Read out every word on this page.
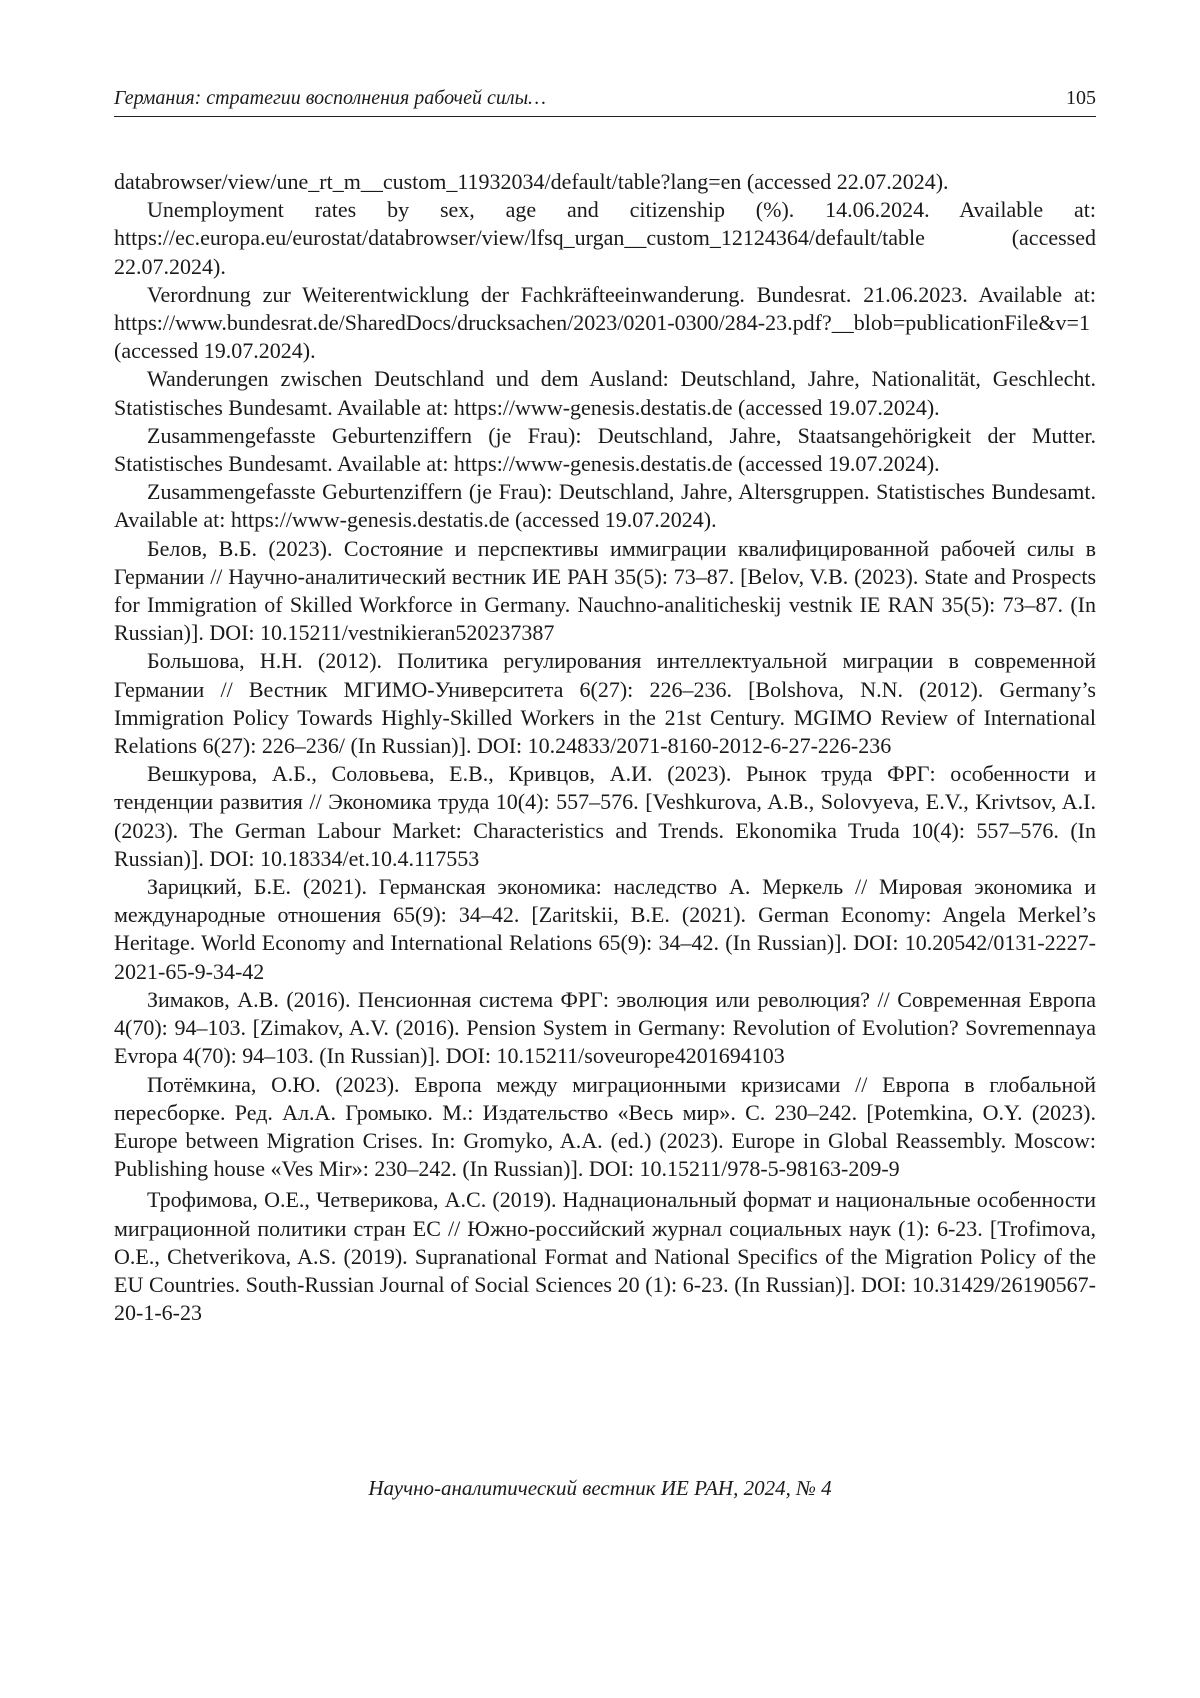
Германия: стратегии восполнения рабочей силы…	105

databrowser/view/une_rt_m__custom_11932034/default/table?lang=en (accessed 22.07.2024).

Unemployment rates by sex, age and citizenship (%). 14.06.2024. Available at: https://ec.europa.eu/eurostat/databrowser/view/lfsq_urgan__custom_12124364/default/table (accessed 22.07.2024).

Verordnung zur Weiterentwicklung der Fachkräfteeinwanderung. Bundesrat. 21.06.2023. Available at: https://www.bundesrat.de/SharedDocs/drucksachen/2023/0201-0300/284-23.pdf?__blob=publicationFile&v=1 (accessed 19.07.2024).

Wanderungen zwischen Deutschland und dem Ausland: Deutschland, Jahre, Nationalität, Geschlecht. Statistisches Bundesamt. Available at: https://www-genesis.destatis.de (accessed 19.07.2024).

Zusammengefasste Geburtenziffern (je Frau): Deutschland, Jahre, Staatsangehörigkeit der Mutter. Statistisches Bundesamt. Available at: https://www-genesis.destatis.de (accessed 19.07.2024).

Zusammengefasste Geburtenziffern (je Frau): Deutschland, Jahre, Altersgruppen. Statistisches Bundesamt. Available at: https://www-genesis.destatis.de (accessed 19.07.2024).

Белов, В.Б. (2023). Состояние и перспективы иммиграции квалифицированной рабочей силы в Германии // Научно-аналитический вестник ИЕ РАН 35(5): 73–87. [Belov, V.B. (2023). State and Prospects for Immigration of Skilled Workforce in Germany. Nauchno-analiticheskij vestnik IE RAN 35(5): 73–87. (In Russian)]. DOI: 10.15211/vestnikieran520237387

Большова, Н.Н. (2012). Политика регулирования интеллектуальной миграции в современной Германии // Вестник МГИМО-Университета 6(27): 226–236. [Bolshova, N.N. (2012). Germany’s Immigration Policy Towards Highly-Skilled Workers in the 21st Century. MGIMO Review of International Relations 6(27): 226–236/ (In Russian)]. DOI: 10.24833/2071-8160-2012-6-27-226-236

Вешкурова, А.Б., Соловьева, Е.В., Кривцов, А.И. (2023). Рынок труда ФРГ: особенности и тенденции развития // Экономика труда 10(4): 557–576. [Veshkurova, A.B., Solovyeva, E.V., Krivtsov, A.I. (2023). The German Labour Market: Characteristics and Trends. Ekonomika Truda 10(4): 557–576. (In Russian)]. DOI: 10.18334/et.10.4.117553

Зарицкий, Б.Е. (2021). Германская экономика: наследство А. Меркель // Мировая экономика и международные отношения 65(9): 34–42. [Zaritskii, B.E. (2021). German Economy: Angela Merkel’s Heritage. World Economy and International Relations 65(9): 34–42. (In Russian)]. DOI: 10.20542/0131-2227-2021-65-9-34-42

Зимаков, А.В. (2016). Пенсионная система ФРГ: эволюция или революция? // Современная Европа 4(70): 94–103. [Zimakov, A.V. (2016). Pension System in Germany: Revolution of Evolution? Sovremennaya Evropa 4(70): 94–103. (In Russian)]. DOI: 10.15211/soveurope4201694103

Потёмкина, О.Ю. (2023). Европа между миграционными кризисами // Европа в глобальной пересборке. Ред. Ал.А. Громыко. М.: Издательство «Весь мир». С. 230–242. [Potemkina, O.Y. (2023). Europe between Migration Crises. In: Gromyko, A.A. (ed.) (2023). Europe in Global Reassembly. Moscow: Publishing house «Ves Mir»: 230–242. (In Russian)]. DOI: 10.15211/978-5-98163-209-9

Трофимова, О.Е., Четверикова, А.С. (2019). Наднациональный формат и национальные особенности миграционной политики стран ЕС // Южно-российский журнал социальных наук (1): 6-23. [Trofimova, O.E., Chetverikova, A.S. (2019). Supranational Format and National Specifics of the Migration Policy of the EU Countries. South-Russian Journal of Social Sciences 20 (1): 6-23. (In Russian)]. DOI: 10.31429/26190567-20-1-6-23

Научно-аналитический вестник ИЕ РАН, 2024, № 4
